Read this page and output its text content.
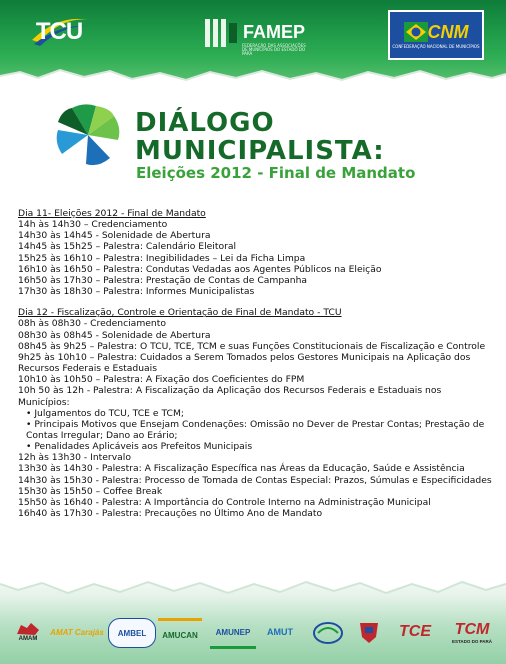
TCU	FAMEP
FEDERAÇÃO DAS ASSOCIAÇÕES DE MUNICÍPIOS DO ESTADO DO PARÁ
CNM
CONFEDERAÇÃO NACIONAL DE MUNICÍPIOS
DIÁLOGO
MUNICIPALISTA:
Eleições 2012 - Final de Mandato
Dia 11- Eleições 2012 - Final de Mandato
14h às 14h30 – Credenciamento
14h30 às 14h45 - Solenidade de Abertura
14h45 às 15h25 – Palestra: Calendário Eleitoral
15h25 às 16h10 – Palestra: Inegibilidades – Lei da Ficha Limpa
16h10 às 16h50 – Palestra: Condutas Vedadas aos Agentes Públicos na Eleição
16h50 às 17h30 – Palestra: Prestação de Contas de Campanha
17h30 às 18h30 – Palestra: Informes Municipalistas
Dia 12 - Fiscalização, Controle e Orientação de Final de Mandato - TCU
08h às 08h30 - Credenciamento
08h30 às 08h45 - Solenidade de Abertura
08h45 às 9h25 – Palestra: O TCU, TCE, TCM e suas Funções Constitucionais de Fiscalização e Controle
9h25 às 10h10 – Palestra: Cuidados a Serem Tomados pelos Gestores Municipais na Aplicação dos Recursos Federais e Estaduais
10h10 às 10h50 – Palestra: A Fixação dos Coeficientes do FPM
10h 50 às 12h - Palestra: A Fiscalização da Aplicação dos Recursos Federais e Estaduais nos Municípios:
• Julgamentos do TCU, TCE e TCM;
• Principais Motivos que Ensejam Condenações: Omissão no Dever de Prestar Contas; Prestação de Contas Irregular; Dano ao Erário;
• Penalidades Aplicáveis aos Prefeitos Municipais
12h às 13h30 - Intervalo
13h30 às 14h30 - Palestra: A Fiscalização Específica nas Áreas da Educação, Saúde e Assistência
14h30 às 15h30 - Palestra: Processo de Tomada de Contas Especial: Prazos, Súmulas e Especificidades
15h30 às 15h50 – Coffee Break
15h50 às 16h40 - Palestra: A Importância do Controle Interno na Administração Municipal
16h40 às 17h30 - Palestra: Precauções no Último Ano de Mandato
AMAM
AMAT Carajás	AMBEL	AMUCAN	AMUNEP	AMUT	TCE	TCM
ESTADO DO PARÁ
